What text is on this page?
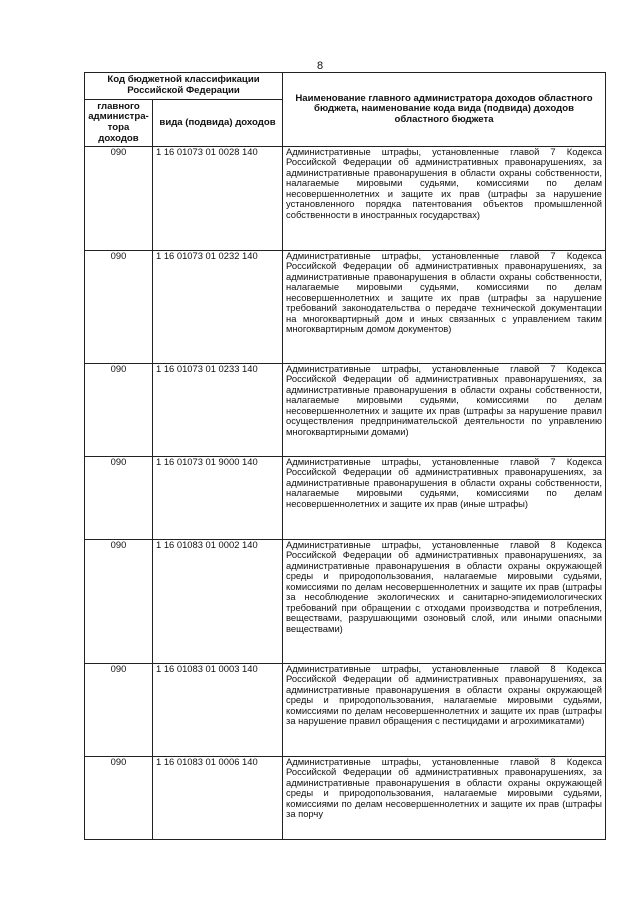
8
Код бюджетной классификации Российской Федерации		Наименование главного администратора доходов областного бюджета, наименование кода вида (подвида) доходов областного бюджета
главного администра-тора доходов	вида (подвида) доходов	
090	1 16 01073 01 0028 140	Административные штрафы, установленные главой 7 Кодекса Российской Федерации об административных правонарушениях, за административные правонарушения в области охраны собственности, налагаемые мировыми судьями, комиссиями по делам несовершеннолетних и защите их прав (штрафы за нарушение установленного порядка патентования объектов промышленной собственности в иностранных государствах)
090	1 16 01073 01 0232 140	Административные штрафы, установленные главой 7 Кодекса Российской Федерации об административных правонарушениях, за административные правонарушения в области охраны собственности, налагаемые мировыми судьями, комиссиями по делам несовершеннолетних и защите их прав (штрафы за нарушение требований законодательства о передаче технической документации на многоквартирный дом и иных связанных с управлением таким многоквартирным домом документов)
090	1 16 01073 01 0233 140	Административные штрафы, установленные главой 7 Кодекса Российской Федерации об административных правонарушениях, за административные правонарушения в области охраны собственности, налагаемые мировыми судьями, комиссиями по делам несовершеннолетних и защите их прав (штрафы за нарушение правил осуществления предпринимательской деятельности по управлению многоквартирными домами)
090	1 16 01073 01 9000 140	Административные штрафы, установленные главой 7 Кодекса Российской Федерации об административных правонарушениях, за административные правонарушения в области охраны собственности, налагаемые мировыми судьями, комиссиями по делам несовершеннолетних и защите их прав (иные штрафы)
090	1 16 01083 01 0002 140	Административные штрафы, установленные главой 8 Кодекса Российской Федерации об административных правонарушениях, за административные правонарушения в области охраны окружающей среды и природопользования, налагаемые мировыми судьями, комиссиями по делам несовершеннолетних и защите их прав (штрафы за несоблюдение экологических и санитарно-эпидемиологических требований при обращении с отходами производства и потребления, веществами, разрушающими озоновый слой, или иными опасными веществами)
090	1 16 01083 01 0003 140	Административные штрафы, установленные главой 8 Кодекса Российской Федерации об административных правонарушениях, за административные правонарушения в области охраны окружающей среды и природопользования, налагаемые мировыми судьями, комиссиями по делам несовершеннолетних и защите их прав (штрафы за нарушение правил обращения с пестицидами и агрохимикатами)
090	1 16 01083 01 0006 140	Административные штрафы, установленные главой 8 Кодекса Российской Федерации об административных правонарушениях, за административные правонарушения в области охраны окружающей среды и природопользования, налагаемые мировыми судьями, комиссиями по делам несовершеннолетних и защите их прав (штрафы за порчу
